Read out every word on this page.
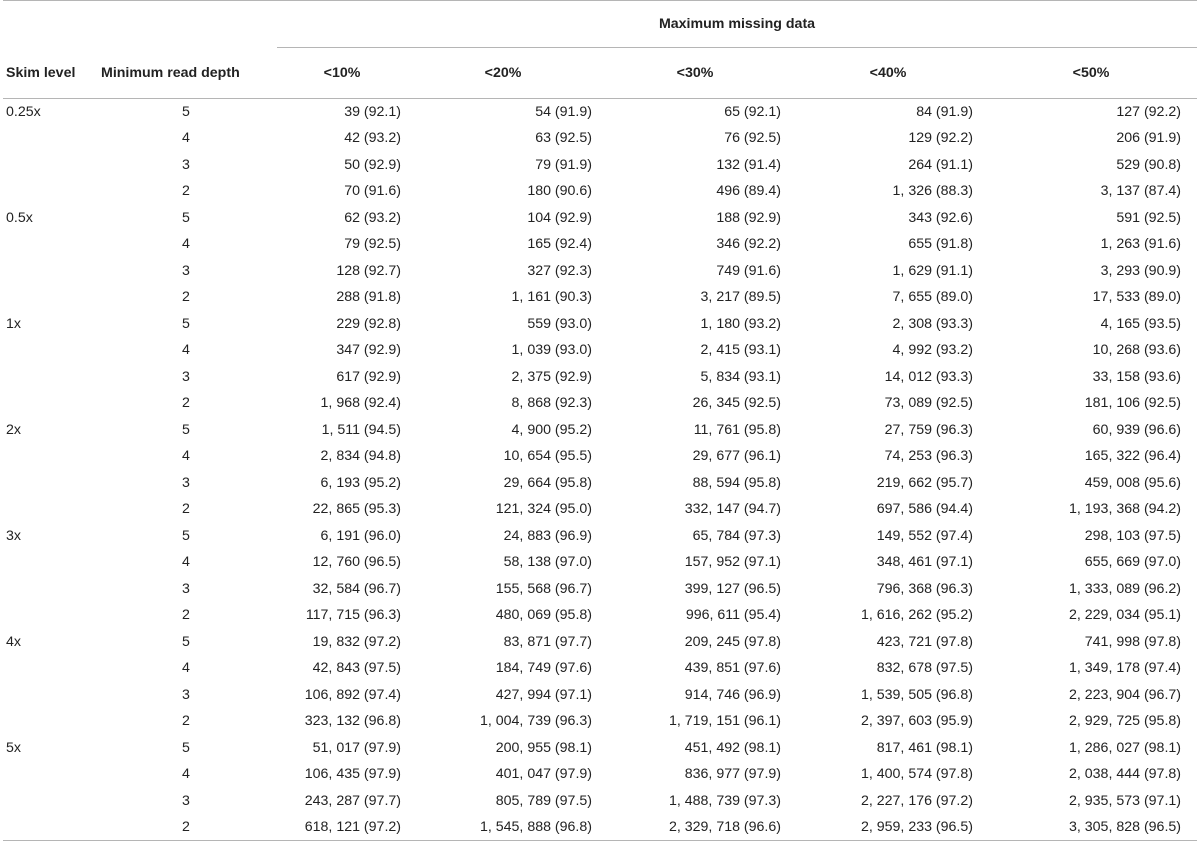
		Maximum missing data				
Skim level	Minimum read depth	<10%	<20%	<30%	<40%	<50%
0.25x	5	39 (92.1)	54 (91.9)	65 (92.1)	84 (91.9)	127 (92.2)
	4	42 (93.2)	63 (92.5)	76 (92.5)	129 (92.2)	206 (91.9)
	3	50 (92.9)	79 (91.9)	132 (91.4)	264 (91.1)	529 (90.8)
	2	70 (91.6)	180 (90.6)	496 (89.4)	1, 326 (88.3)	3, 137 (87.4)
0.5x	5	62 (93.2)	104 (92.9)	188 (92.9)	343 (92.6)	591 (92.5)
	4	79 (92.5)	165 (92.4)	346 (92.2)	655 (91.8)	1, 263 (91.6)
	3	128 (92.7)	327 (92.3)	749 (91.6)	1, 629 (91.1)	3, 293 (90.9)
	2	288 (91.8)	1, 161 (90.3)	3, 217 (89.5)	7, 655 (89.0)	17, 533 (89.0)
1x	5	229 (92.8)	559 (93.0)	1, 180 (93.2)	2, 308 (93.3)	4, 165 (93.5)
	4	347 (92.9)	1, 039 (93.0)	2, 415 (93.1)	4, 992 (93.2)	10, 268 (93.6)
	3	617 (92.9)	2, 375 (92.9)	5, 834 (93.1)	14, 012 (93.3)	33, 158 (93.6)
	2	1, 968 (92.4)	8, 868 (92.3)	26, 345 (92.5)	73, 089 (92.5)	181, 106 (92.5)
2x	5	1, 511 (94.5)	4, 900 (95.2)	11, 761 (95.8)	27, 759 (96.3)	60, 939 (96.6)
	4	2, 834 (94.8)	10, 654 (95.5)	29, 677 (96.1)	74, 253 (96.3)	165, 322 (96.4)
	3	6, 193 (95.2)	29, 664 (95.8)	88, 594 (95.8)	219, 662 (95.7)	459, 008 (95.6)
	2	22, 865 (95.3)	121, 324 (95.0)	332, 147 (94.7)	697, 586 (94.4)	1, 193, 368 (94.2)
3x	5	6, 191 (96.0)	24, 883 (96.9)	65, 784 (97.3)	149, 552 (97.4)	298, 103 (97.5)
	4	12, 760 (96.5)	58, 138 (97.0)	157, 952 (97.1)	348, 461 (97.1)	655, 669 (97.0)
	3	32, 584 (96.7)	155, 568 (96.7)	399, 127 (96.5)	796, 368 (96.3)	1, 333, 089 (96.2)
	2	117, 715 (96.3)	480, 069 (95.8)	996, 611 (95.4)	1, 616, 262 (95.2)	2, 229, 034 (95.1)
4x	5	19, 832 (97.2)	83, 871 (97.7)	209, 245 (97.8)	423, 721 (97.8)	741, 998 (97.8)
	4	42, 843 (97.5)	184, 749 (97.6)	439, 851 (97.6)	832, 678 (97.5)	1, 349, 178 (97.4)
	3	106, 892 (97.4)	427, 994 (97.1)	914, 746 (96.9)	1, 539, 505 (96.8)	2, 223, 904 (96.7)
	2	323, 132 (96.8)	1, 004, 739 (96.3)	1, 719, 151 (96.1)	2, 397, 603 (95.9)	2, 929, 725 (95.8)
5x	5	51, 017 (97.9)	200, 955 (98.1)	451, 492 (98.1)	817, 461 (98.1)	1, 286, 027 (98.1)
	4	106, 435 (97.9)	401, 047 (97.9)	836, 977 (97.9)	1, 400, 574 (97.8)	2, 038, 444 (97.8)
	3	243, 287 (97.7)	805, 789 (97.5)	1, 488, 739 (97.3)	2, 227, 176 (97.2)	2, 935, 573 (97.1)
	2	618, 121 (97.2)	1, 545, 888 (96.8)	2, 329, 718 (96.6)	2, 959, 233 (96.5)	3, 305, 828 (96.5)
